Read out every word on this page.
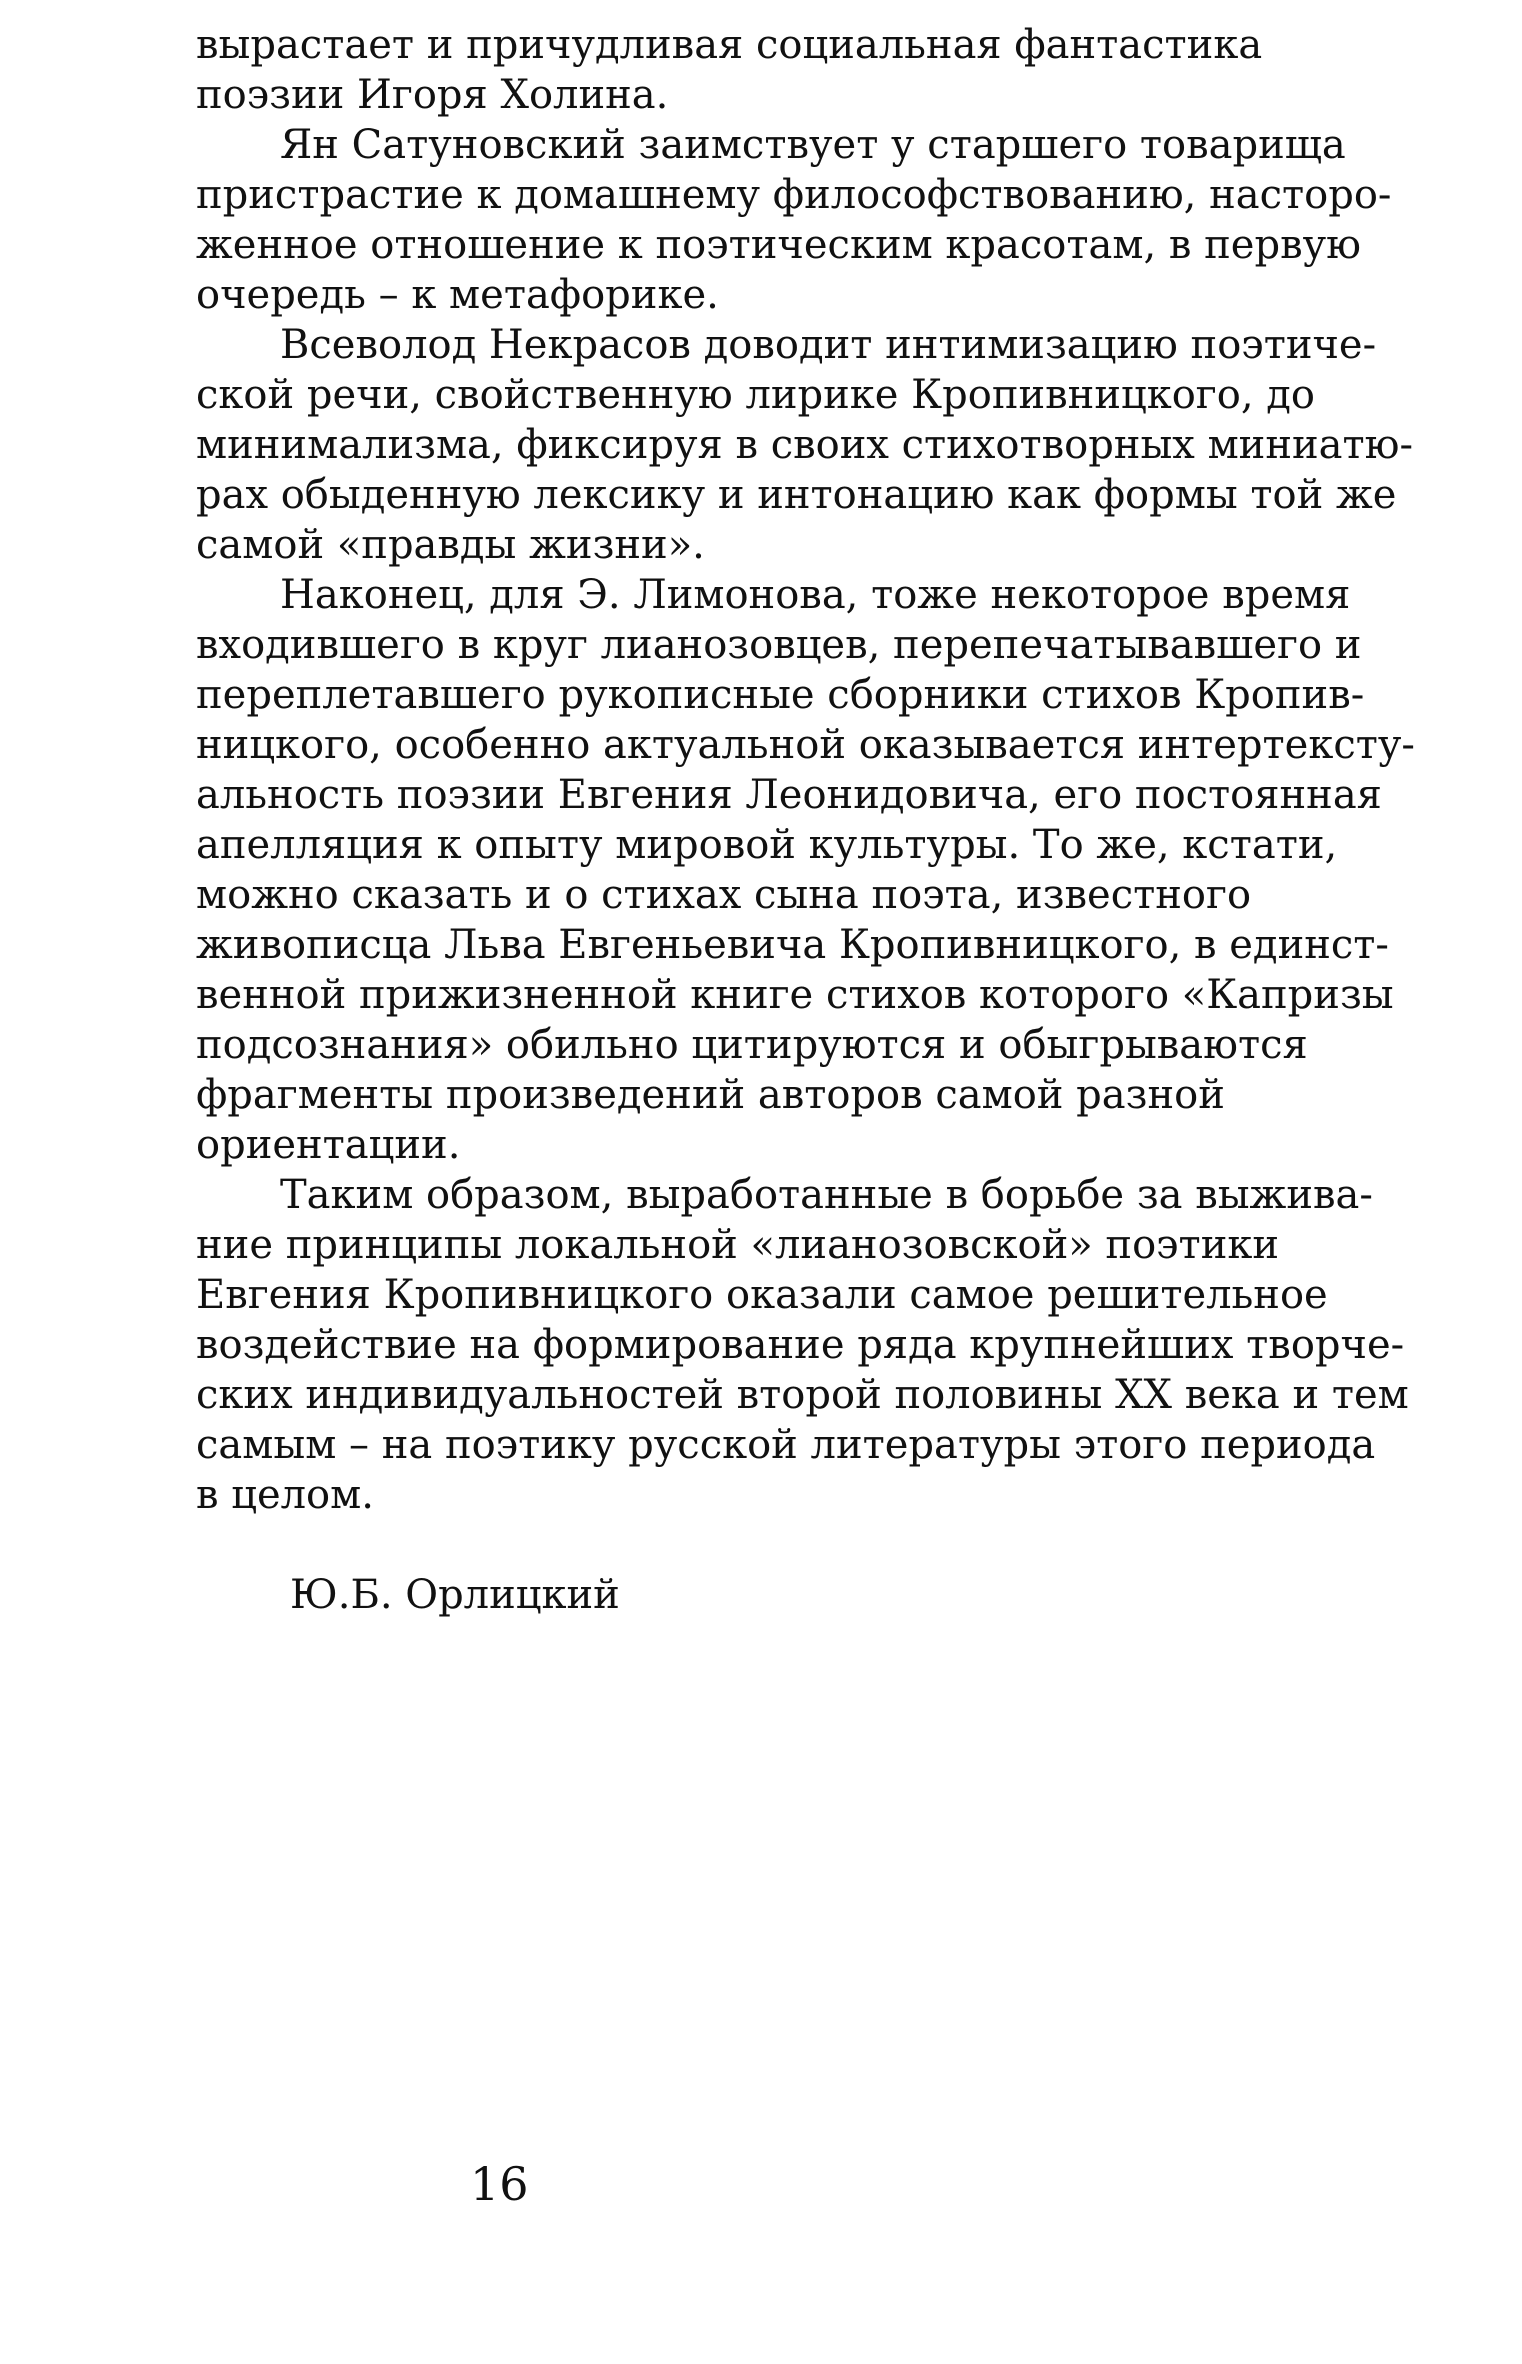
вырастает и причудливая социальная фантастика
поэзии Игоря Холина.
Ян Сатуновский заимствует у старшего товарища
пристрастие к домашнему философствованию, насторо-
женное отношение к поэтическим красотам, в первую
очередь – к метафорике.
Всеволод Некрасов доводит интимизацию поэтиче-
ской речи, свойственную лирике Кропивницкого, до
минимализма, фиксируя в своих стихотворных миниатю-
рах обыденную лексику и интонацию как формы той же
самой «правды жизни».
Наконец, для Э. Лимонова, тоже некоторое время
входившего в круг лианозовцев, перепечатывавшего и
переплетавшего рукописные сборники стихов Кропив-
ницкого, особенно актуальной оказывается интертексту-
альность поэзии Евгения Леонидовича, его постоянная
апелляция к опыту мировой культуры. То же, кстати,
можно сказать и о стихах сына поэта, известного
живописца Льва Евгеньевича Кропивницкого, в единст-
венной прижизненной книге стихов которого «Капризы
подсознания» обильно цитируются и обыгрываются
фрагменты произведений авторов самой разной
ориентации.
Таким образом, выработанные в борьбе за выжива-
ние принципы локальной «лианозовской» поэтики
Евгения Кропивницкого оказали самое решительное
воздействие на формирование ряда крупнейших творче-
ских индивидуальностей второй половины XX века и тем
самым – на поэтику русской литературы этого периода
в целом.
Ю.Б. Орлицкий
16
